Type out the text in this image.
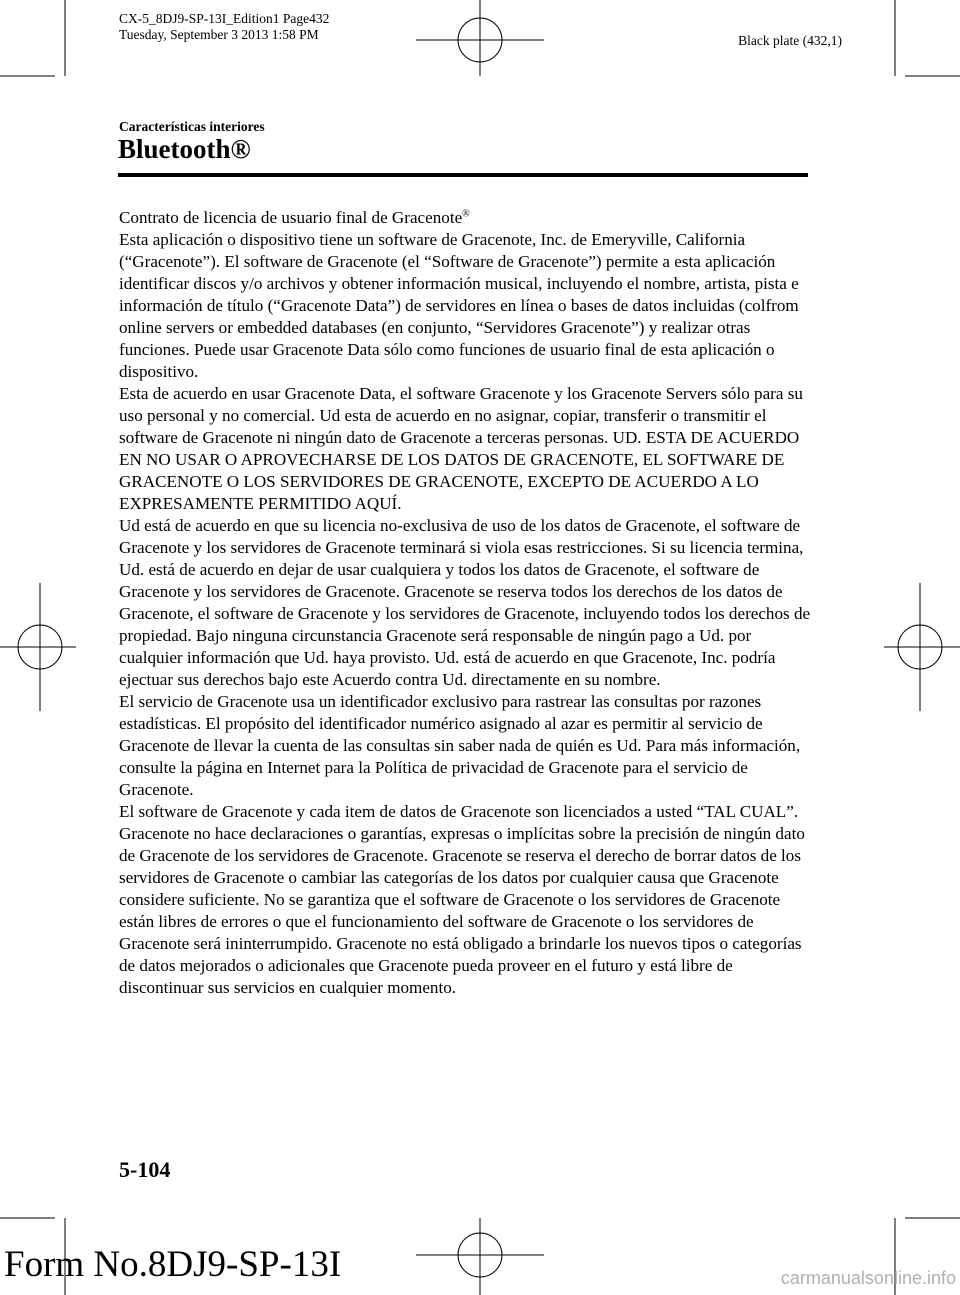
CX-5_8DJ9-SP-13I_Edition1 Page432
Tuesday, September 3 2013 1:58 PM	Black plate (432,1)
Características interiores
Bluetooth®

Contrato de licencia de usuario final de Gracenote®

Esta aplicación o dispositivo tiene un software de Gracenote, Inc. de Emeryville, California (“Gracenote”). El software de Gracenote (el “Software de Gracenote”) permite a esta aplicación identificar discos y/o archivos y obtener información musical, incluyendo el nombre, artista, pista e información de título (“Gracenote Data”) de servidores en línea o bases de datos incluidas (colfrom online servers or embedded databases (en conjunto, “Servidores Gracenote”) y realizar otras funciones. Puede usar Gracenote Data sólo como funciones de usuario final de esta aplicación o dispositivo.

Esta de acuerdo en usar Gracenote Data, el software Gracenote y los Gracenote Servers sólo para su uso personal y no comercial. Ud esta de acuerdo en no asignar, copiar, transferir o transmitir el software de Gracenote ni ningún dato de Gracenote a terceras personas. UD. ESTA DE ACUERDO EN NO USAR O APROVECHARSE DE LOS DATOS DE GRACENOTE, EL SOFTWARE DE GRACENOTE O LOS SERVIDORES DE GRACENOTE, EXCEPTO DE ACUERDO A LO EXPRESAMENTE PERMITIDO AQUÍ.

Ud está de acuerdo en que su licencia no-exclusiva de uso de los datos de Gracenote, el software de Gracenote y los servidores de Gracenote terminará si viola esas restricciones. Si su licencia termina, Ud. está de acuerdo en dejar de usar cualquiera y todos los datos de Gracenote, el software de Gracenote y los servidores de Gracenote. Gracenote se reserva todos los derechos de los datos de Gracenote, el software de Gracenote y los servidores de Gracenote, incluyendo todos los derechos de propiedad. Bajo ninguna circunstancia Gracenote será responsable de ningún pago a Ud. por cualquier información que Ud. haya provisto. Ud. está de acuerdo en que Gracenote, Inc. podría ejectuar sus derechos bajo este Acuerdo contra Ud. directamente en su nombre.

El servicio de Gracenote usa un identificador exclusivo para rastrear las consultas por razones estadísticas. El propósito del identificador numérico asignado al azar es permitir al servicio de Gracenote de llevar la cuenta de las consultas sin saber nada de quién es Ud. Para más información, consulte la página en Internet para la Política de privacidad de Gracenote para el servicio de Gracenote.

El software de Gracenote y cada item de datos de Gracenote son licenciados a usted “TAL CUAL”.

Gracenote no hace declaraciones o garantías, expresas o implícitas sobre la precisión de ningún dato de Gracenote de los servidores de Gracenote. Gracenote se reserva el derecho de borrar datos de los servidores de Gracenote o cambiar las categorías de los datos por cualquier causa que Gracenote considere suficiente. No se garantiza que el software de Gracenote o los servidores de Gracenote están libres de errores o que el funcionamiento del software de Gracenote o los servidores de Gracenote será ininterrumpido. Gracenote no está obligado a brindarle los nuevos tipos o categorías de datos mejorados o adicionales que Gracenote pueda proveer en el futuro y está libre de discontinuar sus servicios en cualquier momento.

5-104
Form No.8DJ9-SP-13I	carmanualsonline.info
